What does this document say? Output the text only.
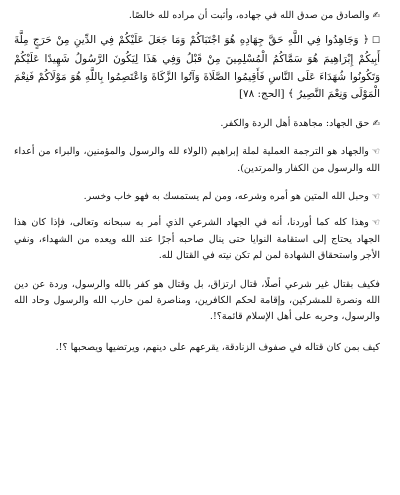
✍والصادق من صدق الله في جهاده، وأثبت أن مراده لله خالصًا.

☐﴿ وَجَاهِدُوا فِي اللَّهِ حَقَّ جِهَادِهِ هُوَ اجْتَبَاكُمْ وَمَا جَعَلَ عَلَيْكُمْ فِي الدِّينِ مِنْ حَرَجٍ مِلَّةَ أَبِيكُمْ إِبْرَاهِيمَ هُوَ سَمَّاكُمُ الْمُسْلِمِينَ مِنْ قَبْلُ وَفِي هَذَا لِيَكُونَ الرَّسُولُ شَهِيدًا عَلَيْكُمْ وَتَكُونُوا شُهَدَاءَ عَلَى النَّاسِ فَأَقِيمُوا الصَّلَاةَ وَآتُوا الزَّكَاةَ وَاعْتَصِمُوا بِاللَّهِ هُوَ مَوْلَاكُمْ فَنِعْمَ الْمَوْلَى وَنِعْمَ النَّصِيرُ ﴾ [الحج: ٧٨]

✍حق الجهاد: مجاهدة أهل الردة والكفر.

☜والجهاد هو الترجمة العملية لملة إبراهيم (الولاء لله والرسول والمؤمنين، والبراء من أعداء الله والرسول من الكفار والمرتدين).

☜وحبل الله المتين هو أمره وشرعه، ومن لم يستمسك به فهو خاب وخسر.

☜وهذا كله كما أوردنا، أنه في الجهاد الشرعي الذي أمر به سبحانه وتعالى، فإذا كان هذا الجهاد يحتاج إلى استقامة النوايا حتى ينال صاحبه أجرًا عند الله ويعده من الشهداء، ونفي الأجر واستحقاق الشهادة لمن لم تكن نيته في القتال لله.

فكيف بقتال غير شرعي أصلًا، قتال ارتزاق، بل وقتال هو كفر بالله والرسول، وردة عن دين الله ونصرة للمشركين، وإقامة لحكم الكافرين، ومناصرة لمن حارب الله والرسول وحاد الله والرسول، وحربه على أهل الإسلام قائمة؟!.

كيف بمن كان قتاله في صفوف الزنادقة، يقرعهم على دينهم، ويرتضيها ويصحبها ؟!.
